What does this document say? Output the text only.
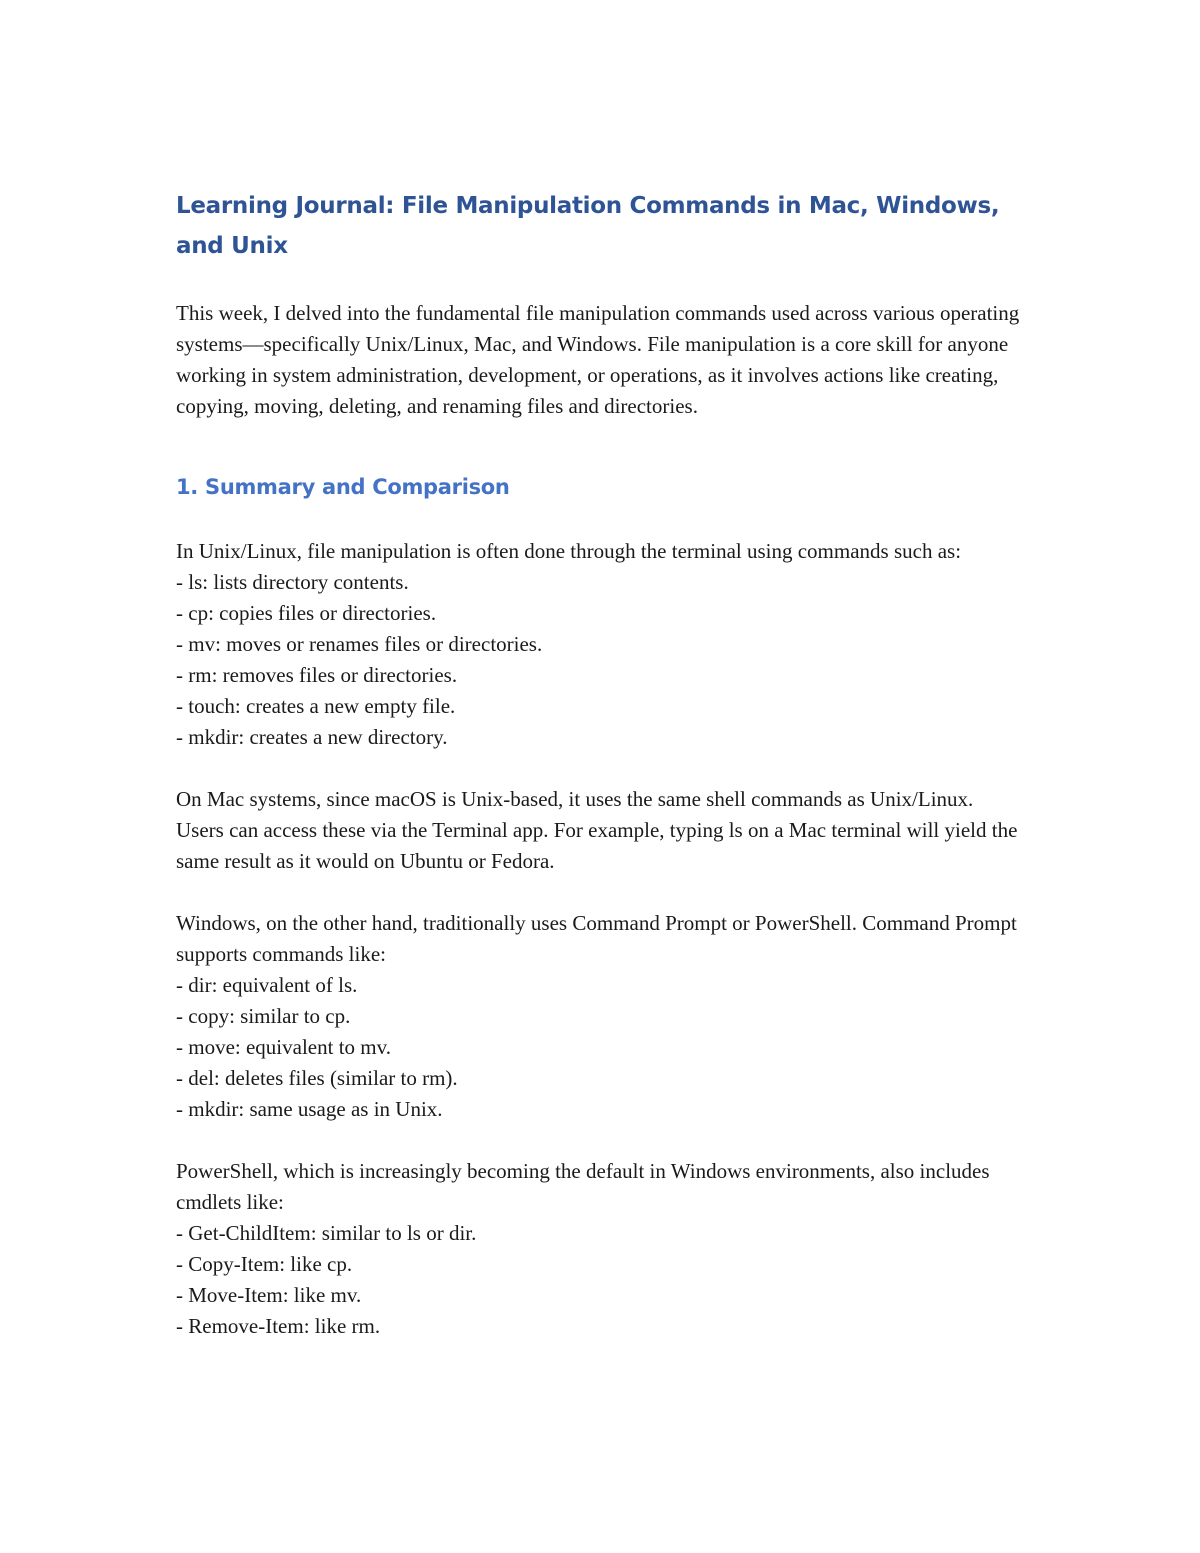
Learning Journal: File Manipulation Commands in Mac, Windows, and Unix

This week, I delved into the fundamental file manipulation commands used across various operating systems—specifically Unix/Linux, Mac, and Windows. File manipulation is a core skill for anyone working in system administration, development, or operations, as it involves actions like creating, copying, moving, deleting, and renaming files and directories.

1. Summary and Comparison

In Unix/Linux, file manipulation is often done through the terminal using commands such as:

- ls: lists directory contents.
- cp: copies files or directories.
- mv: moves or renames files or directories.
- rm: removes files or directories.
- touch: creates a new empty file.
- mkdir: creates a new directory.

On Mac systems, since macOS is Unix-based, it uses the same shell commands as Unix/Linux. Users can access these via the Terminal app. For example, typing ls on a Mac terminal will yield the same result as it would on Ubuntu or Fedora.

Windows, on the other hand, traditionally uses Command Prompt or PowerShell. Command Prompt supports commands like:

- dir: equivalent of ls.
- copy: similar to cp.
- move: equivalent to mv.
- del: deletes files (similar to rm).
- mkdir: same usage as in Unix.

PowerShell, which is increasingly becoming the default in Windows environments, also includes cmdlets like:

- Get-ChildItem: similar to ls or dir.
- Copy-Item: like cp.
- Move-Item: like mv.
- Remove-Item: like rm.
